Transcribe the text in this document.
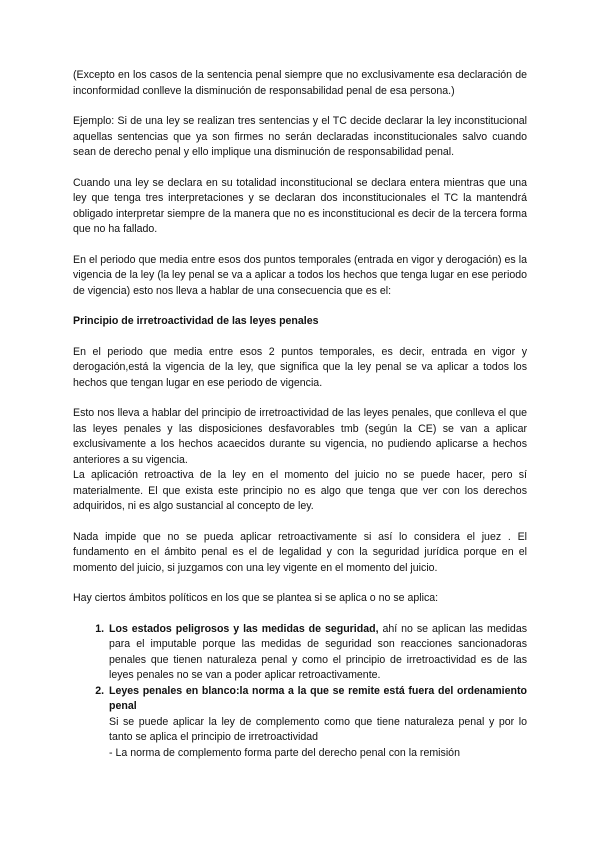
(Excepto en los casos de la sentencia penal siempre que no exclusivamente esa declaración de inconformidad conlleve la disminución de responsabilidad penal de esa persona.)

Ejemplo: Si de una ley se realizan tres sentencias y el TC decide declarar la ley inconstitucional aquellas sentencias que ya son firmes no serán declaradas inconstitucionales salvo cuando sean de derecho penal y ello implique una disminución de responsabilidad penal.

Cuando una ley se declara en su totalidad inconstitucional se declara entera mientras que una ley que tenga tres interpretaciones y se declaran dos inconstitucionales el TC la mantendrá obligado interpretar siempre de la manera que no es inconstitucional es decir de la tercera forma que no ha fallado.

En el periodo que media entre esos dos puntos temporales (entrada en vigor y derogación) es la vigencia de la ley (la ley penal se va a aplicar a todos los hechos que tenga lugar en ese periodo de vigencia) esto nos lleva a hablar de una consecuencia que es el:

Principio de irretroactividad de las leyes penales

En el periodo que media entre esos 2 puntos temporales, es decir, entrada en vigor y derogación,está la vigencia de la ley, que significa que la ley penal se va aplicar a todos los hechos que tengan lugar en ese periodo de vigencia.

Esto nos lleva a hablar del principio de irretroactividad de las leyes penales, que conlleva el que las leyes penales y las disposiciones desfavorables tmb (según la CE) se van a aplicar exclusivamente a los hechos acaecidos durante su vigencia, no pudiendo aplicarse a hechos anteriores a su vigencia.

La aplicación retroactiva de la ley en el momento del juicio no se puede hacer, pero sí materialmente. El que exista este principio no es algo que tenga que ver con los derechos adquiridos, ni es algo sustancial al concepto de ley.

Nada impide que no se pueda aplicar retroactivamente si así lo considera el juez . El fundamento en el ámbito penal es el de legalidad y con la seguridad jurídica porque en el momento del juicio, si juzgamos con una ley vigente en el momento del juicio.

Hay ciertos ámbitos políticos en los que se plantea si se aplica o no se aplica:

1. Los estados peligrosos y las medidas de seguridad, ahí no se aplican las medidas para el imputable porque las medidas de seguridad son reacciones sancionadoras penales que tienen naturaleza penal y como el principio de irretroactividad es de las leyes penales no se van a poder aplicar retroactivamente.
2. Leyes penales en blanco:la norma a la que se remite está fuera del ordenamiento penal
Si se puede aplicar la ley de complemento como que tiene naturaleza penal y por lo tanto se aplica el principio de irretroactividad
- La norma de complemento forma parte del derecho penal con la remisión
